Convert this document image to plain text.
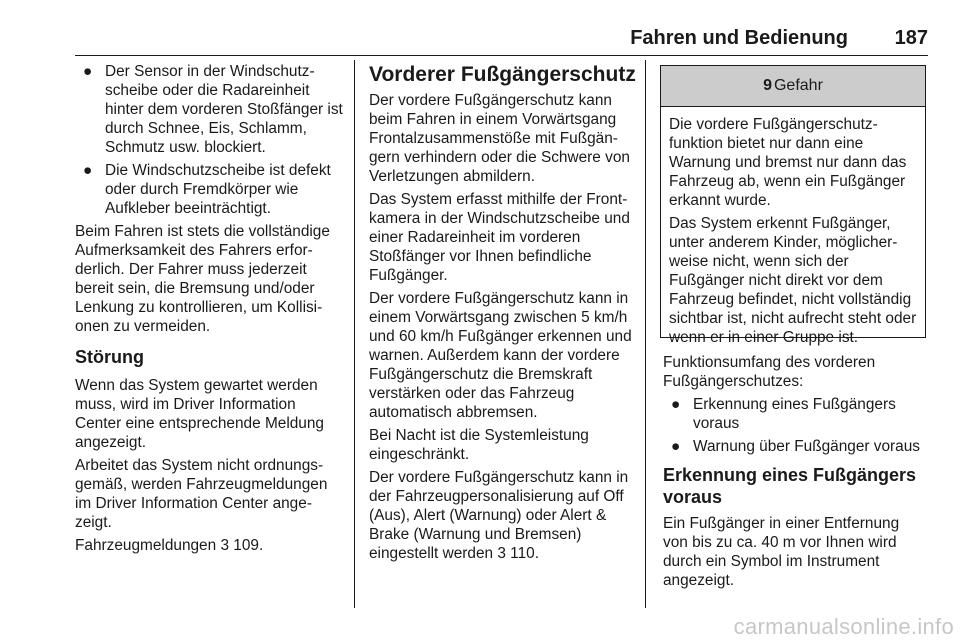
Fahren und Bedienung 187
● Der Sensor in der Windschutzscheibe oder die Radareinheit hinter dem vorderen Stoßfänger ist durch Schnee, Eis, Schlamm, Schmutz usw. blockiert.
● Die Windschutzscheibe ist defekt oder durch Fremdkörper wie Aufkleber beeinträchtigt.

Beim Fahren ist stets die vollständige Aufmerksamkeit des Fahrers erforderlich. Der Fahrer muss jederzeit bereit sein, die Bremsung und/oder Lenkung zu kontrollieren, um Kollisionen zu vermeiden.

Störung

Wenn das System gewartet werden muss, wird im Driver Information Center eine entsprechende Meldung angezeigt.

Arbeitet das System nicht ordnungsgemäß, werden Fahrzeugmeldungen im Driver Information Center angezeigt.

Fahrzeugmeldungen 3 109.

Vorderer Fußgängerschutz

Der vordere Fußgängerschutz kann beim Fahren in einem Vorwärtsgang Frontalzusammenstöße mit Fußgängern verhindern oder die Schwere von Verletzungen abmildern.

Das System erfasst mithilfe der Frontkamera in der Windschutzscheibe und einer Radareinheit im vorderen Stoßfänger vor Ihnen befindliche Fußgänger.

Der vordere Fußgängerschutz kann in einem Vorwärtsgang zwischen 5 km/h und 60 km/h Fußgänger erkennen und warnen. Außerdem kann der vordere Fußgängerschutz die Bremskraft verstärken oder das Fahrzeug automatisch abbremsen.

Bei Nacht ist die Systemleistung eingeschränkt.

Der vordere Fußgängerschutz kann in der Fahrzeugpersonalisierung auf Off (Aus), Alert (Warnung) oder Alert & Brake (Warnung und Bremsen) eingestellt werden 3 110.

9 Gefahr

Die vordere Fußgängerschutzfunktion bietet nur dann eine Warnung und bremst nur dann das Fahrzeug ab, wenn ein Fußgänger erkannt wurde.

Das System erkennt Fußgänger, unter anderem Kinder, möglicherweise nicht, wenn sich der Fußgänger nicht direkt vor dem Fahrzeug befindet, nicht vollständig sichtbar ist, nicht aufrecht steht oder wenn er in einer Gruppe ist.

Funktionsumfang des vorderen Fußgängerschutzes:

● Erkennung eines Fußgängers voraus
● Warnung über Fußgänger voraus
Erkennung eines Fußgängers voraus

Ein Fußgänger in einer Entfernung von bis zu ca. 40 m vor Ihnen wird durch ein Symbol im Instrument angezeigt.

carmanualsonline.info
